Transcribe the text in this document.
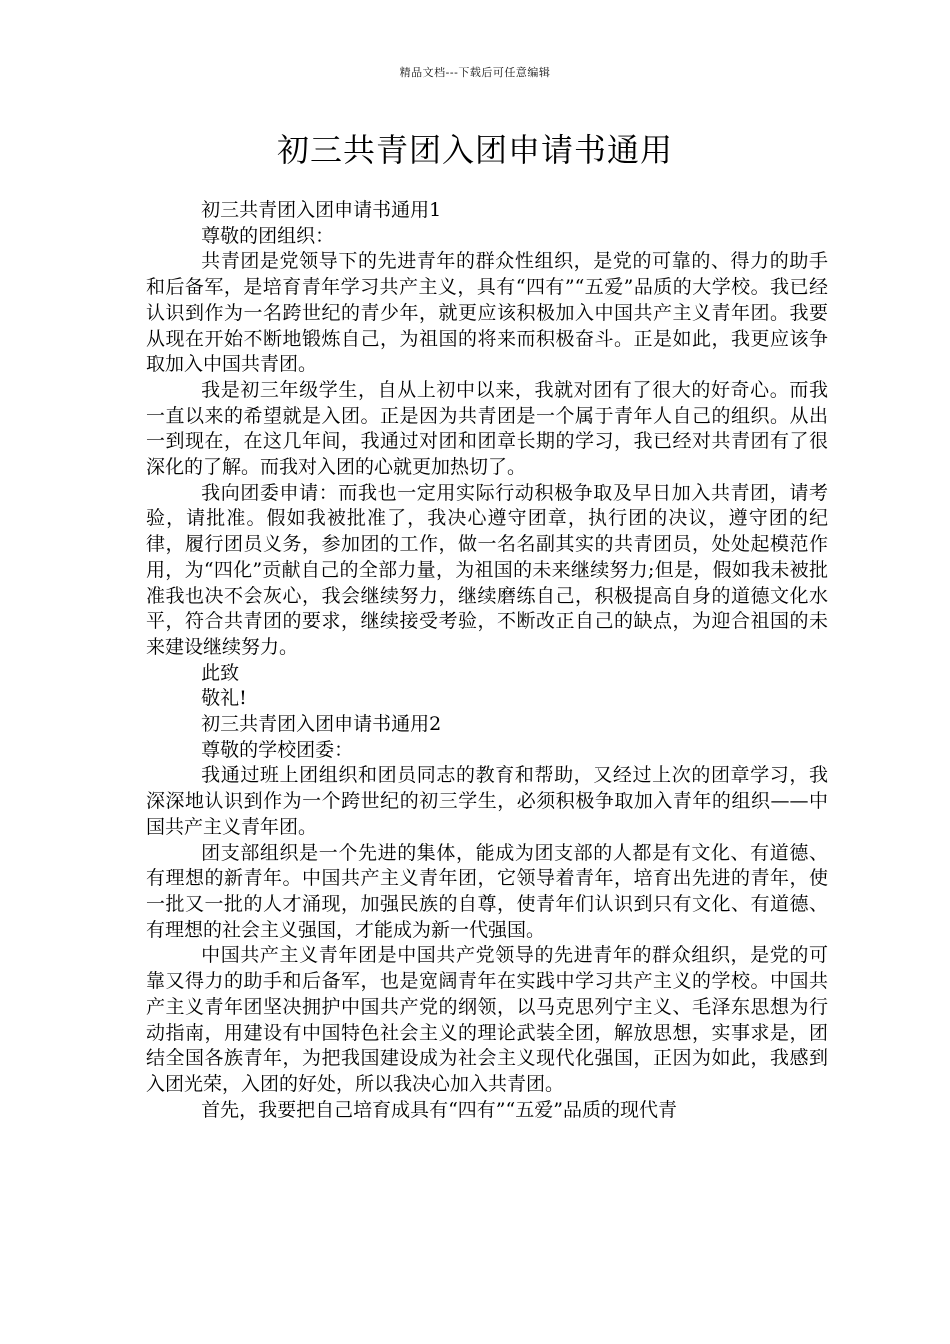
精品文档---下载后可任意编辑
初三共青团入团申请书通用

初三共青团入团申请书通用1

尊敬的团组织：

共青团是党领导下的先进青年的群众性组织，是党的可靠的、得力的助手和后备军，是培育青年学习共产主义，具有“四有”“五爱”品质的大学校。我已经认识到作为一名跨世纪的青少年，就更应该积极加入中国共产主义青年团。我要从现在开始不断地锻炼自己，为祖国的将来而积极奋斗。正是如此，我更应该争取加入中国共青团。

我是初三年级学生，自从上初中以来，我就对团有了很大的好奇心。而我一直以来的希望就是入团。正是因为共青团是一个属于青年人自己的组织。从出一到现在，在这几年间，我通过对团和团章长期的学习，我已经对共青团有了很深化的了解。而我对入团的心就更加热切了。

我向团委申请：而我也一定用实际行动积极争取及早日加入共青团，请考验，请批准。假如我被批准了，我决心遵守团章，执行团的决议，遵守团的纪律，履行团员义务，参加团的工作，做一名名副其实的共青团员，处处起模范作用，为“四化”贡献自己的全部力量，为祖国的未来继续努力;但是，假如我未被批准我也决不会灰心，我会继续努力，继续磨练自己，积极提高自身的道德文化水平，符合共青团的要求，继续接受考验，不断改正自己的缺点，为迎合祖国的未来建设继续努力。

此致

敬礼!

初三共青团入团申请书通用2

尊敬的学校团委：

我通过班上团组织和团员同志的教育和帮助，又经过上次的团章学习，我深深地认识到作为一个跨世纪的初三学生，必须积极争取加入青年的组织——中国共产主义青年团。

团支部组织是一个先进的集体，能成为团支部的人都是有文化、有道德、有理想的新青年。中国共产主义青年团，它领导着青年，培育出先进的青年，使一批又一批的人才涌现，加强民族的自尊，使青年们认识到只有文化、有道德、有理想的社会主义强国，才能成为新一代强国。

中国共产主义青年团是中国共产党领导的先进青年的群众组织，是党的可靠又得力的助手和后备军，也是宽阔青年在实践中学习共产主义的学校。中国共产主义青年团坚决拥护中国共产党的纲领，以马克思列宁主义、毛泽东思想为行动指南，用建设有中国特色社会主义的理论武装全团，解放思想，实事求是，团结全国各族青年，为把我国建设成为社会主义现代化强国，正因为如此，我感到入团光荣，入团的好处，所以我决心加入共青团。

首先，我要把自己培育成具有“四有”“五爱”品质的现代青
